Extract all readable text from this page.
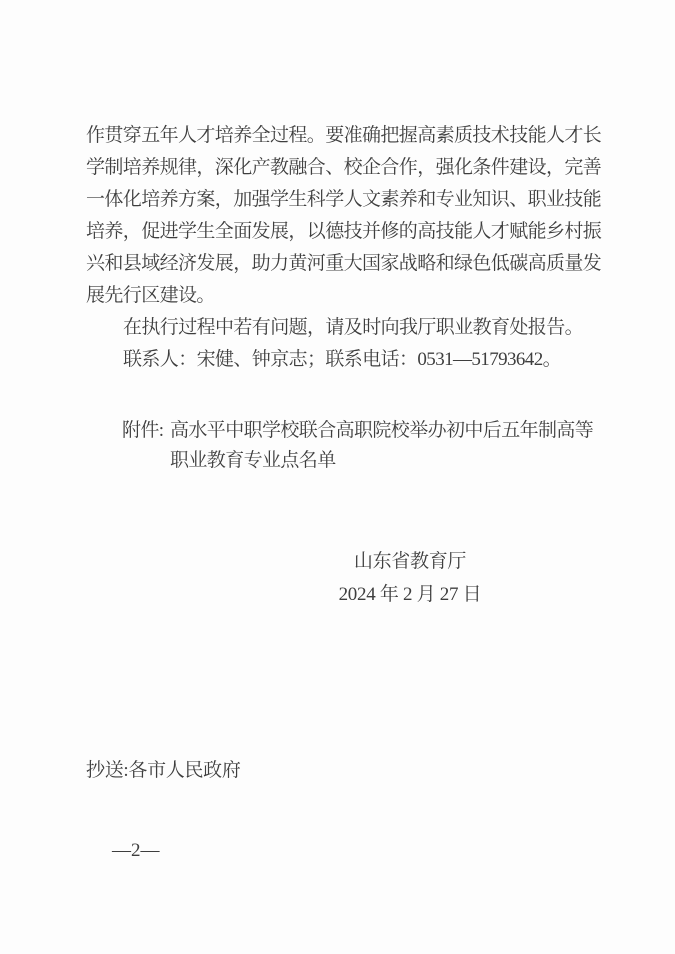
作贯穿五年人才培养全过程。要准确把握高素质技术技能人才长
学制培养规律，深化产教融合、校企合作，强化条件建设，完善
一体化培养方案，加强学生科学人文素养和专业知识、职业技能
培养，促进学生全面发展，以德技并修的高技能人才赋能乡村振
兴和县域经济发展，助力黄河重大国家战略和绿色低碳高质量发
展先行区建设。
在执行过程中若有问题，请及时向我厅职业教育处报告。
联系人：宋健、钟京志；联系电话：0531—51793642。
附件: 高水平中职学校联合高职院校举办初中后五年制高等
职业教育专业点名单
山东省教育厅
2024 年 2 月 27 日
抄送:各市人民政府
—2—
